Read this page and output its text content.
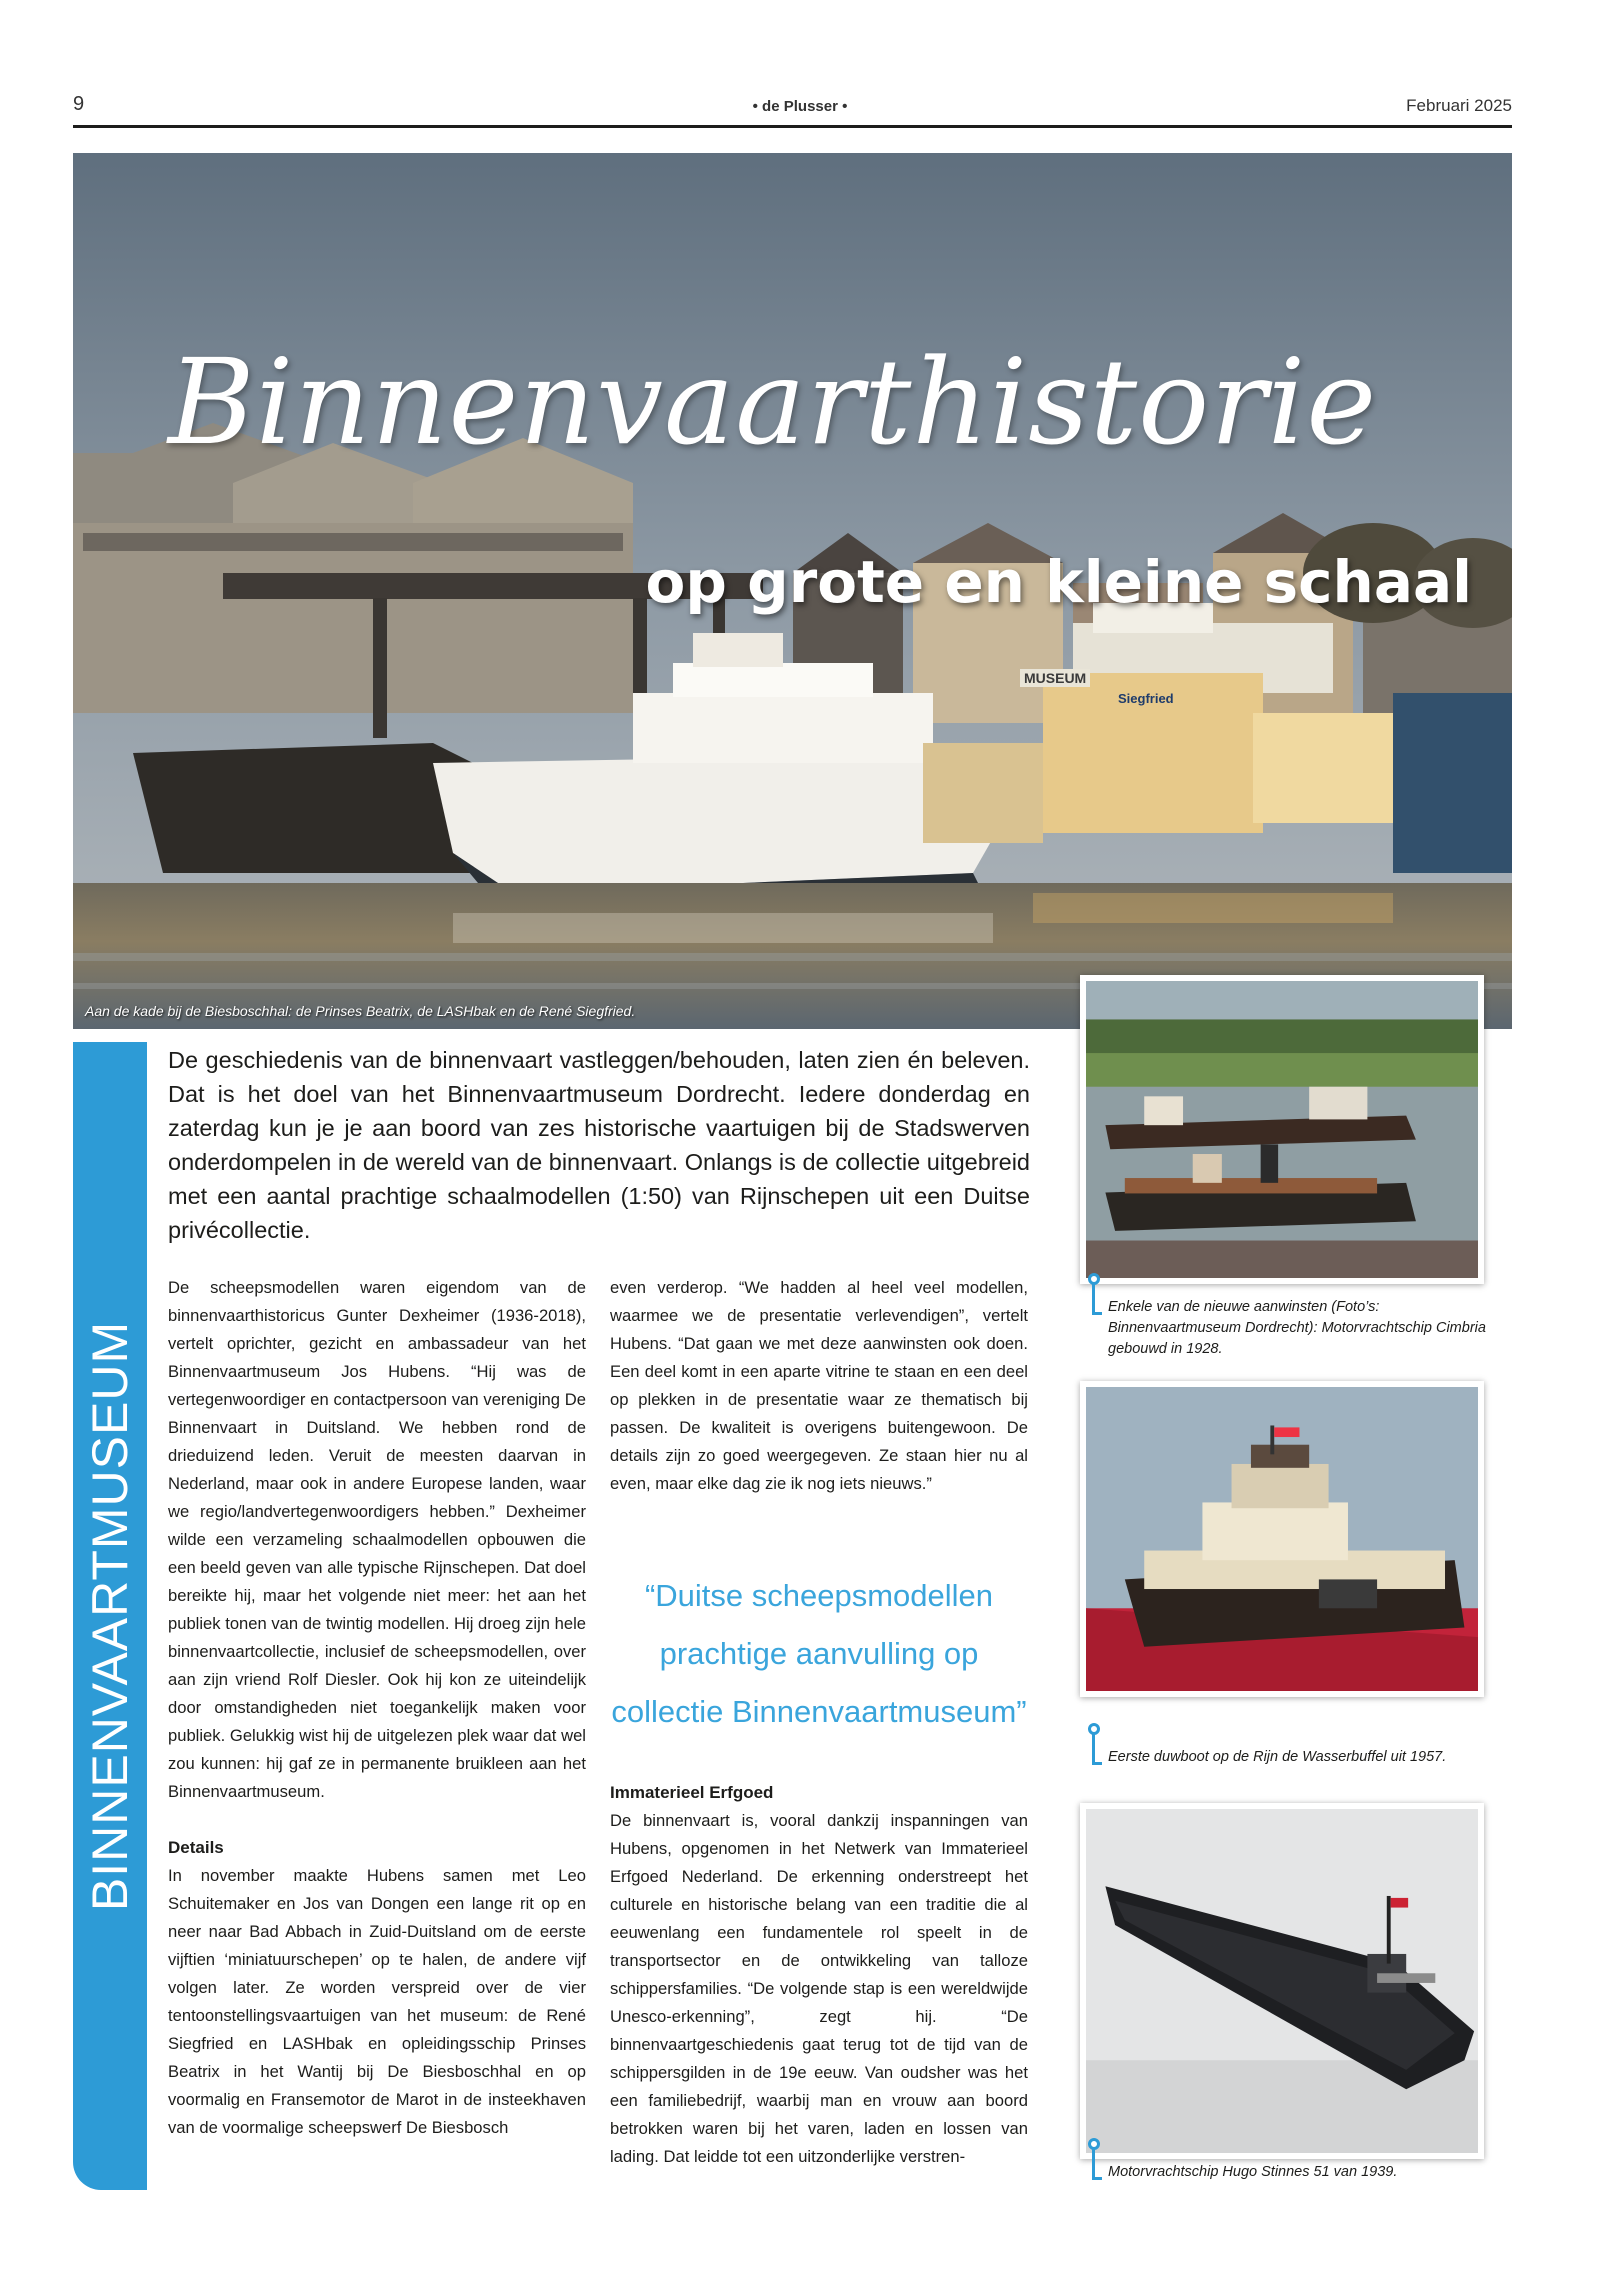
9	• de Plusser •	Februari 2025
MUSEUM
Siegfried
Binnenvaarthistorie
op grote en kleine schaal
Aan de kade bij de Biesboschhal: de Prinses Beatrix, de LASHbak en de René Siegfried.
BINNENVAARTMUSEUM
De geschiedenis van de binnenvaart vastleggen/behouden, laten zien én beleven. Dat is het doel van het Binnenvaartmuseum Dordrecht. Iedere donderdag en zaterdag kun je je aan boord van zes historische vaartuigen bij de Stadswerven onderdompelen in de wereld van de binnenvaart. Onlangs is de collectie uitgebreid met een aantal prachtige schaalmodellen (1:50) van Rijnschepen uit een Duitse privécollectie.

De scheepsmodellen waren eigendom van de binnenvaarthistoricus Gunter Dexheimer (1936-2018), vertelt oprichter, gezicht en ambassadeur van het Binnenvaartmuseum Jos Hubens. “Hij was de vertegenwoordiger en contactpersoon van vereniging De Binnenvaart in Duitsland. We hebben rond de drieduizend leden. Veruit de meesten daarvan in Nederland, maar ook in andere Europese landen, waar we regio/landvertegenwoordigers hebben.” Dexheimer wilde een verzameling schaalmodellen opbouwen die een beeld geven van alle typische Rijnschepen. Dat doel bereikte hij, maar het volgende niet meer: het aan het publiek tonen van de twintig modellen. Hij droeg zijn hele binnenvaartcollectie, inclusief de scheepsmodellen, over aan zijn vriend Rolf Diesler. Ook hij kon ze uiteindelijk door omstandigheden niet toegankelijk maken voor publiek. Gelukkig wist hij de uitgelezen plek waar dat wel zou kunnen: hij gaf ze in permanente bruikleen aan het Binnenvaartmuseum.

Details

In november maakte Hubens samen met Leo Schuitemaker en Jos van Dongen een lange rit op en neer naar Bad Abbach in Zuid-Duitsland om de eerste vijftien ‘miniatuurschepen’ op te halen, de andere vijf volgen later. Ze worden verspreid over de vier tentoonstellingsvaartuigen van het museum: de René Siegfried en LASHbak en opleidingsschip Prinses Beatrix in het Wantij bij De Biesboschhal en op voormalig en Fransemotor de Marot in de insteekhaven van de voormalige scheepswerf De Biesbosch

even verderop. “We hadden al heel veel modellen, waarmee we de presentatie verlevendigen”, vertelt Hubens. “Dat gaan we met deze aanwinsten ook doen. Een deel komt in een aparte vitrine te staan en een deel op plekken in de presentatie waar ze thematisch bij passen. De kwaliteit is overigens buitengewoon. De details zijn zo goed weergegeven. Ze staan hier nu al even, maar elke dag zie ik nog iets nieuws.”

“Duitse scheepsmodellen prachtige aanvulling op collectie Binnenvaartmuseum”
Immaterieel Erfgoed

De binnenvaart is, vooral dankzij inspanningen van Hubens, opgenomen in het Netwerk van Immaterieel Erfgoed Nederland. De erkenning onderstreept het culturele en historische belang van een traditie die al eeuwenlang een fundamentele rol speelt in de transportsector en de ontwikkeling van talloze schippersfamilies. “De volgende stap is een wereldwijde Unesco-erkenning”, zegt hij. “De binnenvaartgeschiedenis gaat terug tot de tijd van de schippersgilden in de 19e eeuw. Van oudsher was het een familiebedrijf, waarbij man en vrouw aan boord betrokken waren bij het varen, laden en lossen van lading. Dat leidde tot een uitzonderlijke verstren-

Enkele van de nieuwe aanwinsten (Foto’s: Binnenvaartmuseum Dordrecht): Motorvrachtschip Cimbria gebouwd in 1928.
Eerste duwboot op de Rijn de Wasserbuffel uit 1957.
Motorvrachtschip Hugo Stinnes 51 van 1939.
